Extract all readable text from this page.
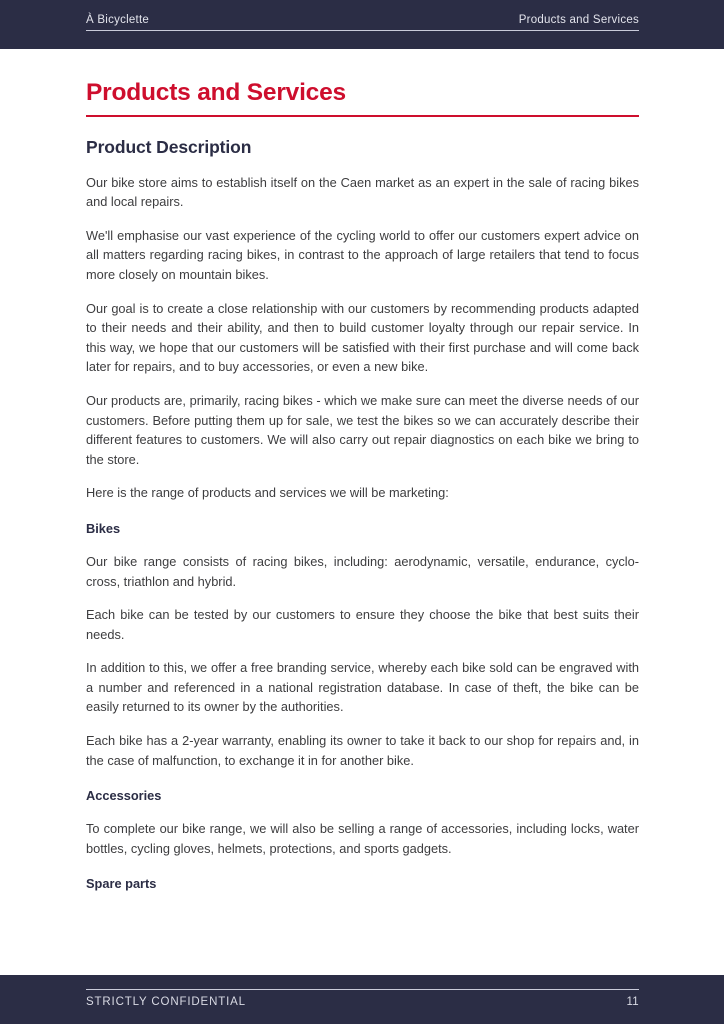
À Bicyclette	Products and Services
Products and Services
Product Description

Our bike store aims to establish itself on the Caen market as an expert in the sale of racing bikes and local repairs.

We'll emphasise our vast experience of the cycling world to offer our customers expert advice on all matters regarding racing bikes, in contrast to the approach of large retailers that tend to focus more closely on mountain bikes.

Our goal is to create a close relationship with our customers by recommending products adapted to their needs and their ability, and then to build customer loyalty through our repair service. In this way, we hope that our customers will be satisfied with their first purchase and will come back later for repairs, and to buy accessories, or even a new bike.

Our products are, primarily, racing bikes - which we make sure can meet the diverse needs of our customers. Before putting them up for sale, we test the bikes so we can accurately describe their different features to customers. We will also carry out repair diagnostics on each bike we bring to the store.

Here is the range of products and services we will be marketing:

Bikes

Our bike range consists of racing bikes, including: aerodynamic, versatile, endurance, cyclo-cross, triathlon and hybrid.

Each bike can be tested by our customers to ensure they choose the bike that best suits their needs.

In addition to this, we offer a free branding service, whereby each bike sold can be engraved with a number and referenced in a national registration database. In case of theft, the bike can be easily returned to its owner by the authorities.

Each bike has a 2-year warranty, enabling its owner to take it back to our shop for repairs and, in the case of malfunction, to exchange it in for another bike.

Accessories

To complete our bike range, we will also be selling a range of accessories, including locks, water bottles, cycling gloves, helmets, protections, and sports gadgets.

Spare parts
STRICTLY CONFIDENTIAL	11
